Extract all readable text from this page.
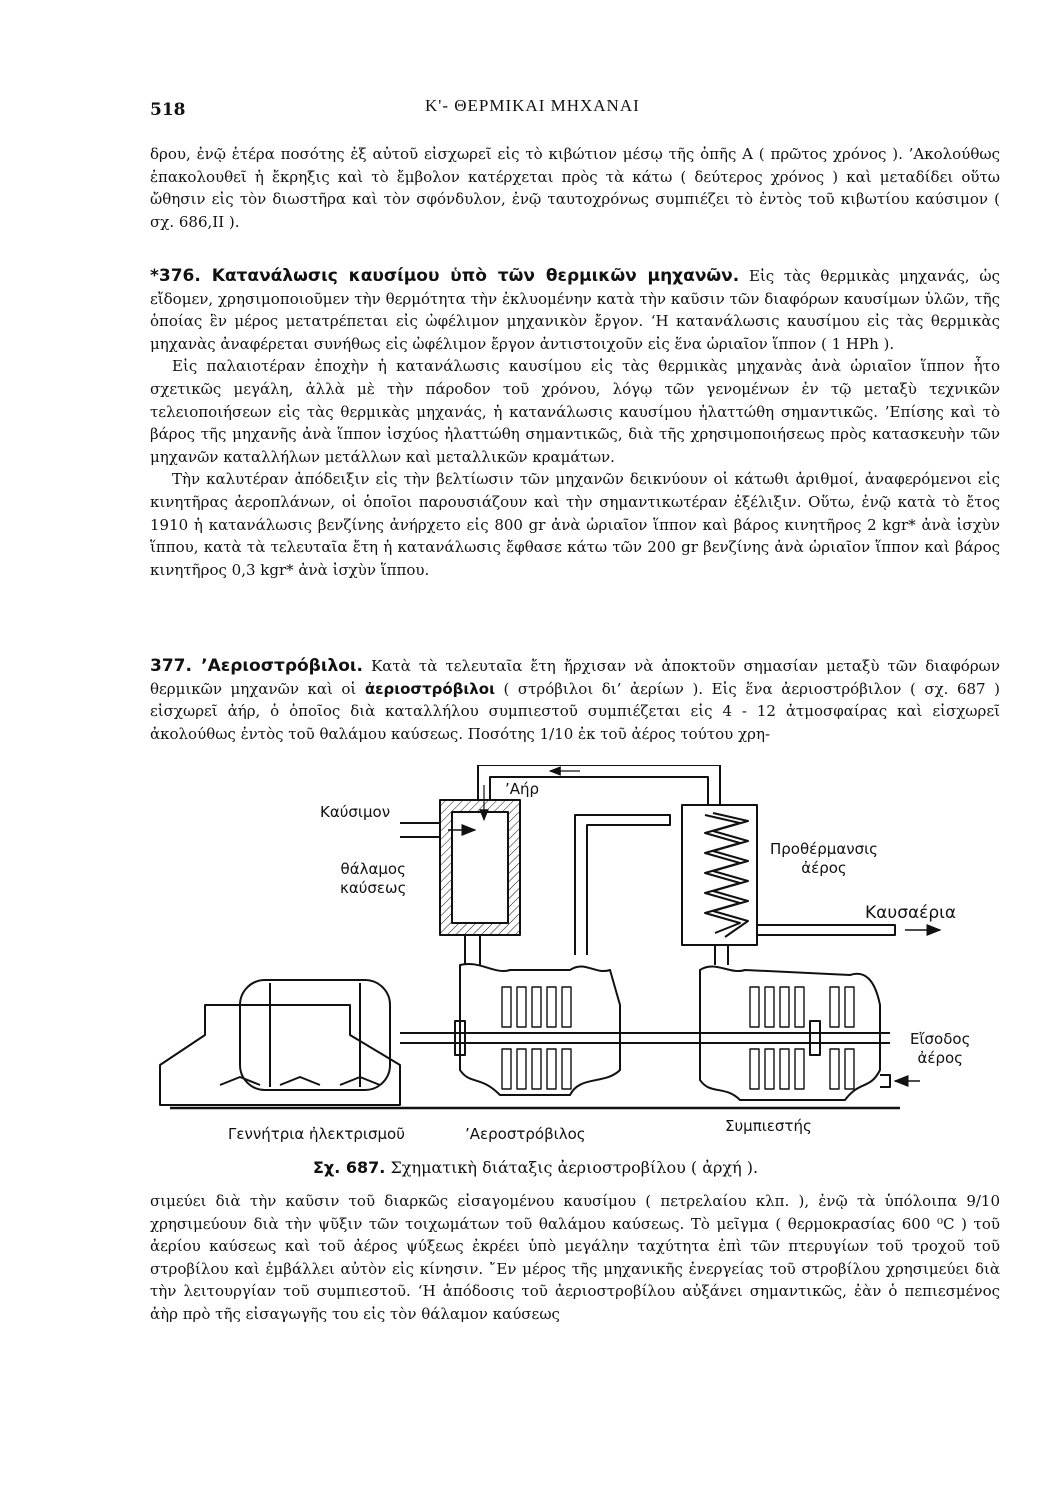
518	Κ'- ΘΕΡΜΙΚΑΙ ΜΗΧΑΝΑΙ

δρου, ἐνῷ ἑτέρα ποσότης ἐξ αὐτοῦ εἰσχωρεῖ εἰς τὸ κιβώτιον μέσῳ τῆς ὀπῆς Α ( πρῶτος χρόνος ). ’Ακολούθως ἐπακολουθεῖ ἡ ἔκρηξις καὶ τὸ ἔμβολον κατέρχεται πρὸς τὰ κάτω ( δεύτερος χρόνος ) καὶ μεταδίδει οὕτω ὤθησιν εἰς τὸν διωστῆρα καὶ τὸν σφόνδυλον, ἐνῷ ταυτοχρόνως συμπιέζει τὸ ἐντὸς τοῦ κιβωτίου καύσιμον ( σχ. 686,ΙΙ ).

*376. Κατανάλωσις καυσίμου ὑπὸ τῶν θερμικῶν μηχανῶν. Εἰς τὰς θερμικὰς μηχανάς, ὡς εἴδομεν, χρησιμοποιοῦμεν τὴν θερμότητα τὴν ἐκλυομένην κατὰ τὴν καῦσιν τῶν διαφόρων καυσίμων ὑλῶν, τῆς ὁποίας ἓν μέρος μετατρέπεται εἰς ὠφέλιμον μηχανικὸν ἔργον. ‘Η κατανάλωσις καυσίμου εἰς τὰς θερμικὰς μηχανὰς ἀναφέρεται συνήθως εἰς ὠφέλιμον ἔργον ἀντιστοιχοῦν εἰς ἕνα ὡριαῖον ἵππον ( 1 HPh ).

Εἰς παλαιοτέραν ἐποχὴν ἡ κατανάλωσις καυσίμου εἰς τὰς θερμικὰς μηχανὰς ἀνὰ ὡριαῖον ἵππον ἦτο σχετικῶς μεγάλη, ἀλλὰ μὲ τὴν πάροδον τοῦ χρόνου, λόγῳ τῶν γενομένων ἐν τῷ μεταξὺ τεχνικῶν τελειοποιήσεων εἰς τὰς θερμικὰς μηχανάς, ἡ κατανάλωσις καυσίμου ἠλαττώθη σημαντικῶς. ’Επίσης καὶ τὸ βάρος τῆς μηχανῆς ἀνὰ ἵππον ἰσχύος ἠλαττώθη σημαντικῶς, διὰ τῆς χρησιμοποιήσεως πρὸς κατασκευὴν τῶν μηχανῶν καταλλήλων μετάλλων καὶ μεταλλικῶν κραμάτων.

Τὴν καλυτέραν ἀπόδειξιν εἰς τὴν βελτίωσιν τῶν μηχανῶν δεικνύουν οἱ κάτωθι ἀριθμοί, ἀναφερόμενοι εἰς κινητῆρας ἀεροπλάνων, οἱ ὁποῖοι παρουσιάζουν καὶ τὴν σημαντικωτέραν ἐξέλιξιν. Οὕτω, ἐνῷ κατὰ τὸ ἔτος 1910 ἡ κατανάλωσις βενζίνης ἀνήρχετο εἰς 800 gr ἀνὰ ὡριαῖον ἵππον καὶ βάρος κινητῆρος 2 kgr* ἀνὰ ἰσχὺν ἵππου, κατὰ τὰ τελευταῖα ἔτη ἡ κατανάλωσις ἔφθασε κάτω τῶν 200 gr βενζίνης ἀνὰ ὡριαῖον ἵππον καὶ βάρος κινητῆρος 0,3 kgr* ἀνὰ ἰσχὺν ἵππου.

377. ’Αεριοστρόβιλοι. Κατὰ τὰ τελευταῖα ἔτη ἤρχισαν νὰ ἀποκτοῦν σημασίαν μεταξὺ τῶν διαφόρων θερμικῶν μηχανῶν καὶ οἱ ἀεριοστρόβιλοι ( στρόβιλοι δι’ ἀερίων ). Εἰς ἕνα ἀεριοστρόβιλον ( σχ. 687 ) εἰσχωρεῖ ἀήρ, ὁ ὁποῖος διὰ καταλλήλου συμπιεστοῦ συμπιέζεται εἰς 4 - 12 ἀτμοσφαίρας καὶ εἰσχωρεῖ ἀκολούθως ἐντὸς τοῦ θαλάμου καύσεως. Ποσότης 1/10 ἐκ τοῦ ἀέρος τούτου χρη-

’Αήρ
Καύσιμον
θάλαμος
καύσεως
Προθέρμανσις
ἀέρος
Καυσαέρια
Εἴσοδος
ἀέρος
Γεννήτρια ἠλεκτρισμοῦ	’Αεροστρόβιλος	Συμπιεστής
Σχ. 687. Σχηματικὴ διάταξις ἀεριοστροβίλου ( ἀρχή ).

σιμεύει διὰ τὴν καῦσιν τοῦ διαρκῶς εἰσαγομένου καυσίμου ( πετρελαίου κλπ. ), ἐνῷ τὰ ὑπόλοιπα 9/10 χρησιμεύουν διὰ τὴν ψῦξιν τῶν τοιχωμάτων τοῦ θαλάμου καύσεως. Τὸ μεῖγμα ( θερμοκρασίας 600 ⁰C ) τοῦ ἀερίου καύσεως καὶ τοῦ ἀέρος ψύξεως ἐκρέει ὑπὸ μεγάλην ταχύτητα ἐπὶ τῶν πτερυγίων τοῦ τροχοῦ τοῦ στροβίλου καὶ ἐμβάλλει αὐτὸν εἰς κίνησιν. ῎Εν μέρος τῆς μηχανικῆς ἐνεργείας τοῦ στροβίλου χρησιμεύει διὰ τὴν λειτουργίαν τοῦ συμπιεστοῦ. ‘Η ἀπόδοσις τοῦ ἀεριοστροβίλου αὐξάνει σημαντικῶς, ἐὰν ὁ πεπιεσμένος ἀὴρ πρὸ τῆς εἰσαγωγῆς του εἰς τὸν θάλαμον καύσεως
